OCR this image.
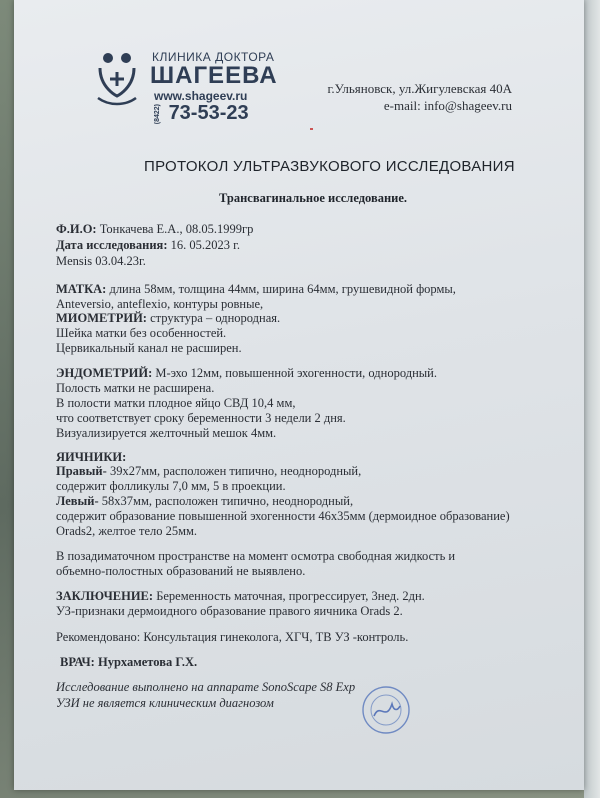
КЛИНИКА ДОКТОРА
ШАГЕЕВА
www.shageev.ru
(8422) 73-53-23
г.Ульяновск, ул.Жигулевская 40А
e-mail: info@shageev.ru
ПРОТОКОЛ УЛЬТРАЗВУКОВОГО ИССЛЕДОВАНИЯ
Трансвагинальное исследование.
Ф.И.О: Тонкачева Е.А., 08.05.1999гр
Дата исследования: 16. 05.2023 г.
Mensis 03.04.23г.
МАТКА: длина 58мм, толщина 44мм, ширина 64мм, грушевидной формы,
Anteversio, anteflexio, контуры ровные,
МИОМЕТРИЙ: структура – однородная.
Шейка матки без особенностей.
Цервикальный канал не расширен.
ЭНДОМЕТРИЙ: М-эхо 12мм, повышенной эхогенности, однородный.
Полость матки не расширена.
В полости матки плодное яйцо СВД 10,4 мм,
что соответствует сроку беременности 3 недели 2 дня.
Визуализируется желточный мешок 4мм.
ЯИЧНИКИ:
Правый- 39х27мм, расположен типично, неоднородный,
содержит фолликулы 7,0 мм, 5 в проекции.
Левый- 58х37мм, расположен типично, неоднородный,
содержит образование повышенной эхогенности 46х35мм (дермоидное образование)
Orads2, желтое тело 25мм.
В позадиматочном пространстве на момент осмотра свободная жидкость и
объемно-полостных образований не выявлено.
ЗАКЛЮЧЕНИЕ: Беременность маточная, прогрессирует, 3нед. 2дн.
УЗ-признаки дермоидного образование правого яичника Orads 2.
Рекомендовано: Консультация гинеколога, ХГЧ, ТВ УЗ -контроль.
ВРАЧ: Нурхаметова Г.Х.
Исследование выполнено на аппарате SonoScape S8 Exp
УЗИ не является клиническим диагнозом
